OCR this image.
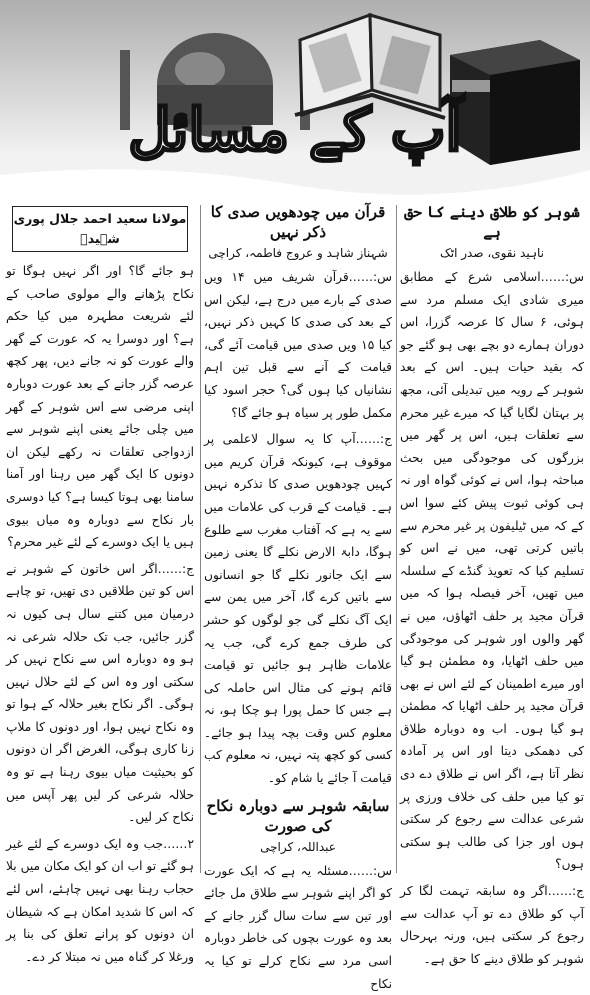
آپ کے مسائل
شوہر کو طلاق دینے کا حق ہے
ناہید نقوی، صدر اٹک

س:……اسلامی شرع کے مطابق میری شادی ایک مسلم مرد سے ہوئی، ۶ سال کا عرصہ گزرا، اس دوران ہمارے دو بچے بھی ہو گئے جو کہ بقید حیات ہیں۔ اس کے بعد شوہر کے رویہ میں تبدیلی آئی، مجھ پر بہتان لگایا گیا کہ میرے غیر محرم سے تعلقات ہیں، اس پر گھر میں بزرگوں کی موجودگی میں بحث مباحثہ ہوا، اس نے کوئی گواہ اور نہ ہی کوئی ثبوت پیش کئے سوا اس کے کہ میں ٹیلیفون پر غیر محرم سے باتیں کرتی تھی، میں نے اس کو تسلیم کیا کہ تعویذ گنڈے کے سلسلہ میں تھیں، آخر فیصلہ ہوا کہ میں قرآن مجید پر حلف اٹھاؤں، میں نے گھر والوں اور شوہر کی موجودگی میں حلف اٹھایا، وہ مطمئن ہو گیا اور میرے اطمینان کے لئے اس نے بھی قرآن مجید پر حلف اٹھایا کہ مطمئن ہو گیا ہوں۔ اب وہ دوبارہ طلاق کی دھمکی دیتا اور اس پر آمادہ نظر آتا ہے، اگر اس نے طلاق دے دی تو کیا میں حلف کی خلاف ورزی پر شرعی عدالت سے رجوع کر سکتی ہوں اور جزا کی طالب ہو سکتی ہوں؟

ج:……اگر وہ سابقہ تہمت لگا کر آپ کو طلاق دے تو آپ عدالت سے رجوع کر سکتی ہیں، ورنہ بہرحال شوہر کو طلاق دینے کا حق ہے۔

قرآن میں چودھویں صدی کا ذکر نہیں
شہناز شاہد و عروج فاطمہ، کراچی

س:……قرآن شریف میں ۱۴ ویں صدی کے بارے میں درج ہے، لیکن اس کے بعد کی صدی کا کہیں ذکر نہیں، کیا ۱۵ ویں صدی میں قیامت آئے گی، قیامت کے آنے سے قبل تین اہم نشانیاں کیا ہوں گی؟ حجر اسود کیا مکمل طور پر سیاہ ہو جائے گا؟

ج:……آپ کا یہ سوال لاعلمی پر موقوف ہے، کیونکہ قرآن کریم میں کہیں چودھویں صدی کا تذکرہ نہیں ہے۔ قیامت کے قرب کی علامات میں سے یہ ہے کہ آفتاب مغرب سے طلوع ہوگا، دابۃ الارض نکلے گا یعنی زمین سے ایک جانور نکلے گا جو انسانوں سے باتیں کرے گا، آخر میں یمن سے ایک آگ نکلے گی جو لوگوں کو حشر کی طرف جمع کرے گی، جب یہ علامات ظاہر ہو جائیں تو قیامت قائم ہونے کی مثال اس حاملہ کی ہے جس کا حمل پورا ہو چکا ہو، نہ معلوم کس وقت بچہ پیدا ہو جائے۔ کسی کو کچھ پتہ نہیں، نہ معلوم کب قیامت آ جائے یا شام کو۔

سابقہ شوہر سے دوبارہ نکاح کی صورت
عبداللہ، کراچی

س:……مسئلہ یہ ہے کہ ایک عورت کو اگر اپنے شوہر سے طلاق مل جائے اور تین سے سات سال گزر جانے کے بعد وہ عورت بچوں کی خاطر دوبارہ اسی مرد سے نکاح کرلے تو کیا یہ نکاح

مولانا سعید احمد جلال پوری شہیدؒ

ہو جائے گا؟ اور اگر نہیں ہوگا تو نکاح پڑھانے والے مولوی صاحب کے لئے شریعت مطہرہ میں کیا حکم ہے؟ اور دوسرا یہ کہ عورت کے گھر والے عورت کو نہ جانے دیں، پھر کچھ عرصہ گزر جانے کے بعد عورت دوبارہ اپنی مرضی سے اس شوہر کے گھر میں چلی جائے یعنی اپنے شوہر سے ازدواجی تعلقات نہ رکھے لیکن ان دونوں کا ایک گھر میں رہنا اور آمنا سامنا بھی ہوتا کیسا ہے؟ کیا دوسری بار نکاح سے دوبارہ وہ میاں بیوی ہیں یا ایک دوسرے کے لئے غیر محرم؟

ج:……اگر اس خاتون کے شوہر نے اس کو تین طلاقیں دی تھیں، تو چاہے درمیان میں کتنے سال ہی کیوں نہ گزر جائیں، جب تک حلالہ شرعی نہ ہو وہ دوبارہ اس سے نکاح نہیں کر سکتی اور وہ اس کے لئے حلال نہیں ہوگی۔ اگر نکاح بغیر حلالہ کے ہوا تو وہ نکاح نہیں ہوا، اور دونوں کا ملاپ زنا کاری ہوگی، الغرض اگر ان دونوں کو بحیثیت میاں بیوی رہنا ہے تو وہ حلالہ شرعی کر لیں پھر آپس میں نکاح کر لیں۔

۲……جب وہ ایک دوسرے کے لئے غیر ہو گئے تو اب ان کو ایک مکان میں بلا حجاب رہنا بھی نہیں چاہئے، اس لئے کہ اس کا شدید امکان ہے کہ شیطان ان دونوں کو پرانے تعلق کی بنا پر ورغلا کر گناہ میں نہ مبتلا کر دے۔
